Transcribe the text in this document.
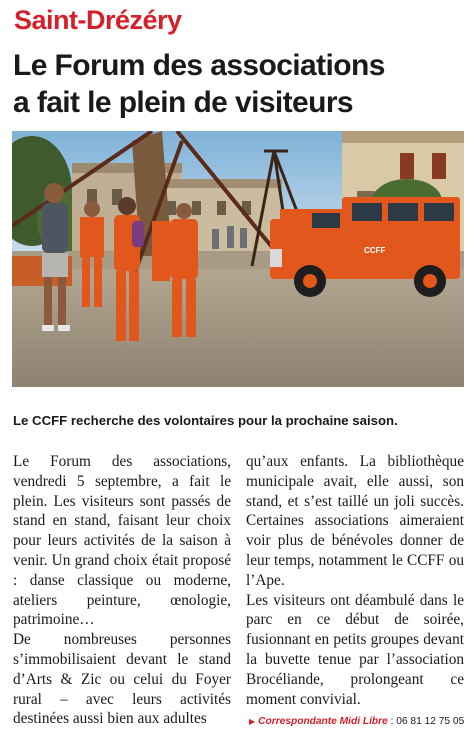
Saint-Drézéry
Le Forum des associations
a fait le plein de visiteurs
CCFF
Le CCFF recherche des volontaires pour la prochaine saison.

Le Forum des associations, vendredi 5 septembre, a fait le plein. Les visiteurs sont passés de stand en stand, faisant leur choix pour leurs activités de la saison à venir. Un grand choix était proposé : danse classique ou moderne, ateliers peinture, œnologie, patrimoine…

De nombreuses personnes s’immobilisaient devant le stand d’Arts & Zic ou celui du Foyer rural – avec leurs activités destinées aussi bien aux adultes

qu’aux enfants. La bibliothèque municipale avait, elle aussi, son stand, et s’est taillé un joli succès. Certaines associations aimeraient voir plus de bénévoles donner de leur temps, notamment le CCFF ou l’Ape.

Les visiteurs ont déambulé dans le parc en ce début de soirée, fusionnant en petits groupes devant la buvette tenue par l’association Brocéliande, prolongeant ce moment convivial.

▶ Correspondante Midi Libre : 06 81 12 75 05
